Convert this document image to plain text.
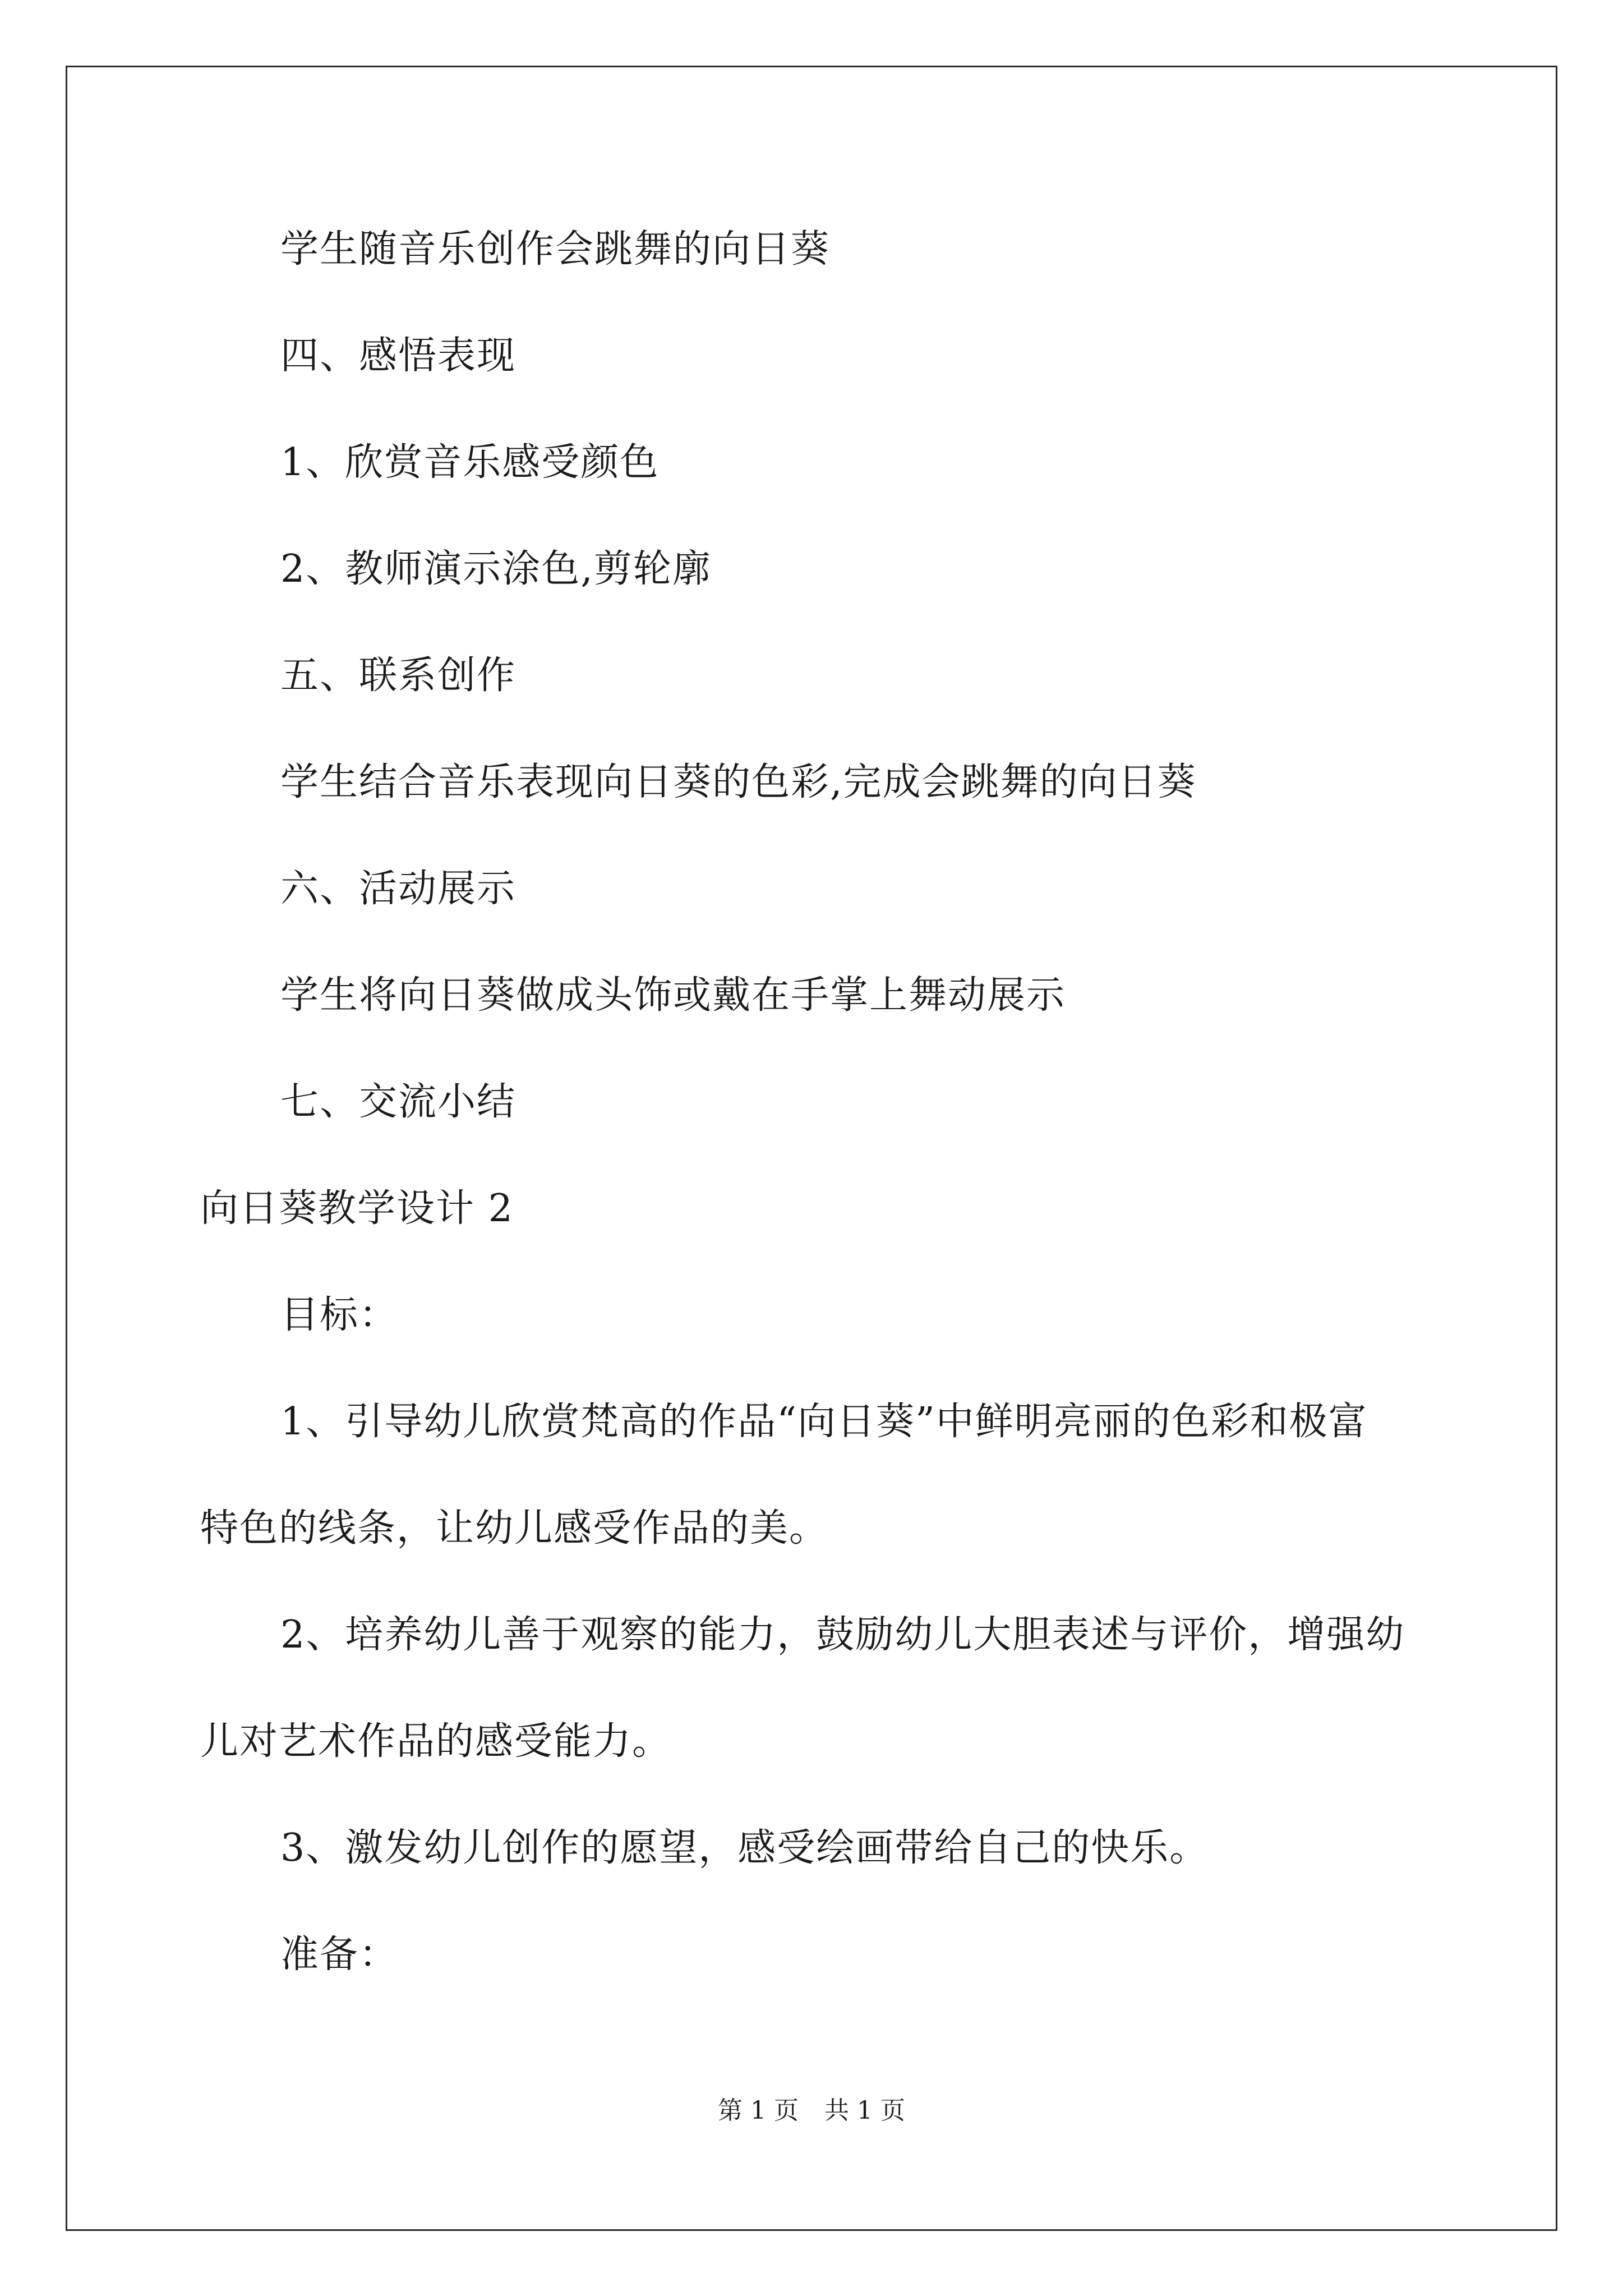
学生随音乐创作会跳舞的向日葵
四、感悟表现
1、欣赏音乐感受颜色
2、教师演示涂色,剪轮廓
五、联系创作
学生结合音乐表现向日葵的色彩,完成会跳舞的向日葵
六、活动展示
学生将向日葵做成头饰或戴在手掌上舞动展示
七、交流小结
向日葵教学设计 2
目标：
1、引导幼儿欣赏梵高的作品“向日葵”中鲜明亮丽的色彩和极富
特色的线条，让幼儿感受作品的美。
2、培养幼儿善于观察的能力，鼓励幼儿大胆表述与评价，增强幼
儿对艺术作品的感受能力。
3、激发幼儿创作的愿望，感受绘画带给自己的快乐。
准备：
第 1 页 共 1 页
